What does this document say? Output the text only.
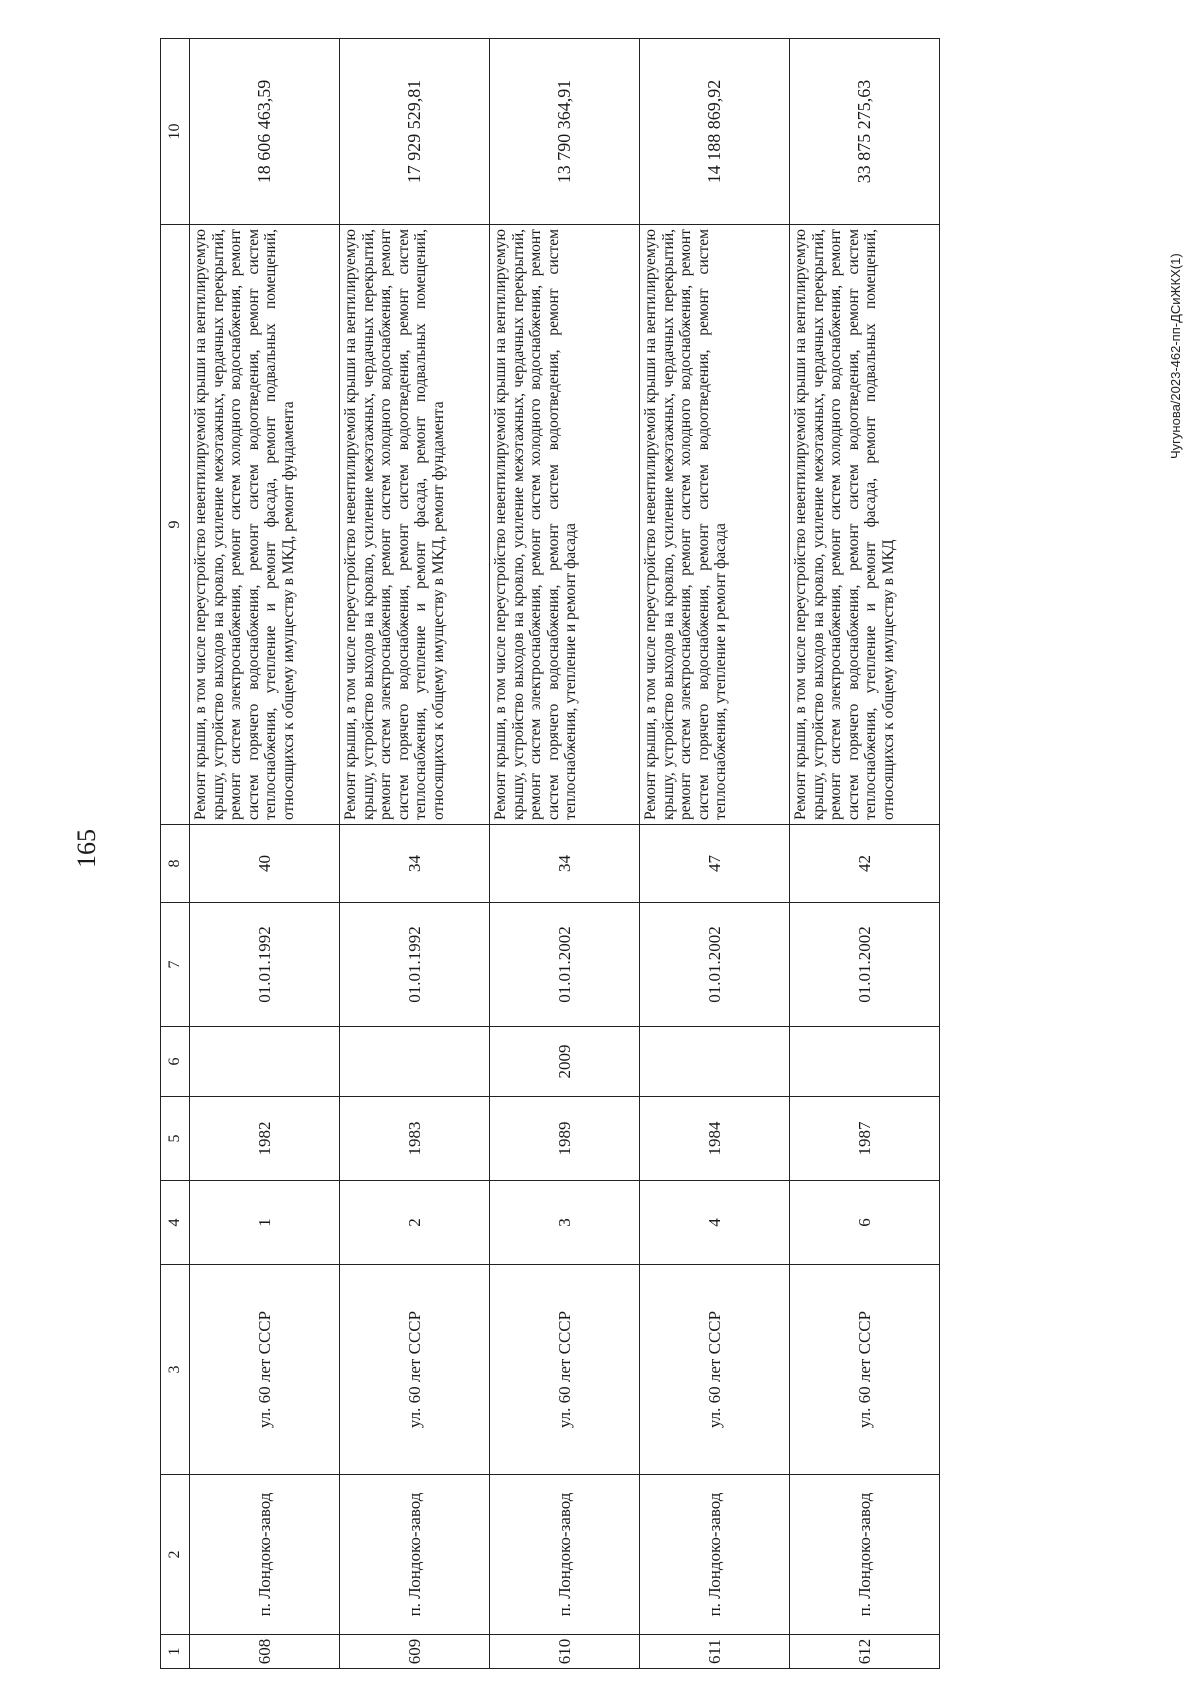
165
1	2	3	4	5	6	7	8	9	10
608	п. Лондоко-завод	ул. 60 лет СССР	1	1982		01.01.1992	40	Ремонт крыши, в том числе переустройство невентилируемой крыши на вентилируемую крышу, устройство выходов на кровлю, усиление межэтажных, чердачных перекрытий, ремонт систем электроснабжения, ремонт систем холодного водоснабжения, ремонт систем горячего водоснабжения, ремонт систем водоотведения, ремонт систем теплоснабжения, утепление и ремонт фасада, ремонт подвальных помещений, относящихся к общему имуществу в МКД, ремонт фундамента	18 606 463,59
609	п. Лондоко-завод	ул. 60 лет СССР	2	1983		01.01.1992	34	Ремонт крыши, в том числе переустройство невентилируемой крыши на вентилируемую крышу, устройство выходов на кровлю, усиление межэтажных, чердачных перекрытий, ремонт систем электроснабжения, ремонт систем холодного водоснабжения, ремонт систем горячего водоснабжения, ремонт систем водоотведения, ремонт систем теплоснабжения, утепление и ремонт фасада, ремонт подвальных помещений, относящихся к общему имуществу в МКД, ремонт фундамента	17 929 529,81
610	п. Лондоко-завод	ул. 60 лет СССР	3	1989	2009	01.01.2002	34	Ремонт крыши, в том числе переустройство невентилируемой крыши на вентилируемую крышу, устройство выходов на кровлю, усиление межэтажных, чердачных перекрытий, ремонт систем электроснабжения, ремонт систем холодного водоснабжения, ремонт систем горячего водоснабжения, ремонт систем водоотведения, ремонт систем теплоснабжения, утепление и ремонт фасада	13 790 364,91
611	п. Лондоко-завод	ул. 60 лет СССР	4	1984		01.01.2002	47	Ремонт крыши, в том числе переустройство невентилируемой крыши на вентилируемую крышу, устройство выходов на кровлю, усиление межэтажных, чердачных перекрытий, ремонт систем электроснабжения, ремонт систем холодного водоснабжения, ремонт систем горячего водоснабжения, ремонт систем водоотведения, ремонт систем теплоснабжения, утепление и ремонт фасада	14 188 869,92
612	п. Лондоко-завод	ул. 60 лет СССР	6	1987		01.01.2002	42	Ремонт крыши, в том числе переустройство невентилируемой крыши на вентилируемую крышу, устройство выходов на кровлю, усиление межэтажных, чердачных перекрытий, ремонт систем электроснабжения, ремонт систем холодного водоснабжения, ремонт систем горячего водоснабжения, ремонт систем водоотведения, ремонт систем теплоснабжения, утепление и ремонт фасада, ремонт подвальных помещений, относящихся к общему имуществу в МКД	33 875 275,63
Чугунова/2023-462-пп-ДСиЖКХ(1)
